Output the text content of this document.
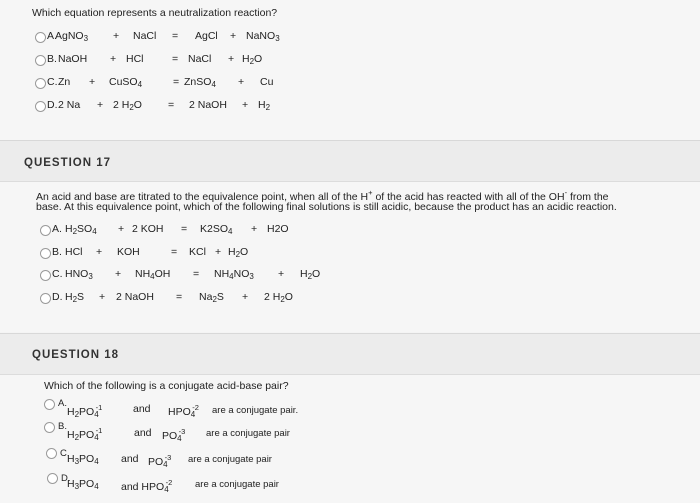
Which equation represents a neutralization reaction?
A.
AgNO$_3$ + NaCl = AgCl + NaNO$_3$
B. NaOH + HCl	= NaCl + $H_2O$
C. Zn + CuSO$_4$	= ZnSO$_4$ + Cu
D. 2 Na + 2 $H_2O = 2$ NaOH + $H_2$
QUESTION 17
An acid and base are titrated to the equivalence point, when all of the H+ of the acid has reacted with all of the OH- from the
base. At this equivalence point, which of the following final solutions is still acidic, because the product has an acidic reaction.
A. $H_2SO_4 + 2$ KOH = $K2SO_4 + H2O$
B. HCl + KOH	= KCl + $H_2O$
C. $HNO_3 + NH_4OH = NH_4NO_3 + H_2O$
D. $H_2S + 2$ NaOH = $Na_2S + 2$ $H_2O$
QUESTION 18
Which of the following is a conjugate acid-base pair?
A.
$H_2PO_4^{-1}$	and $HPO_4^{-2}$ are a conjugate pair.
B.
$H_2PO_4^{-1}$	and $PO_4^{-3}$ are a conjugate pair
C.
$H_3PO_4$ and $PO_4^{-3}$ are a conjugate pair
D.
$H_3PO_4$ and $HPO_4^{-2}$ are a conjugate pair
